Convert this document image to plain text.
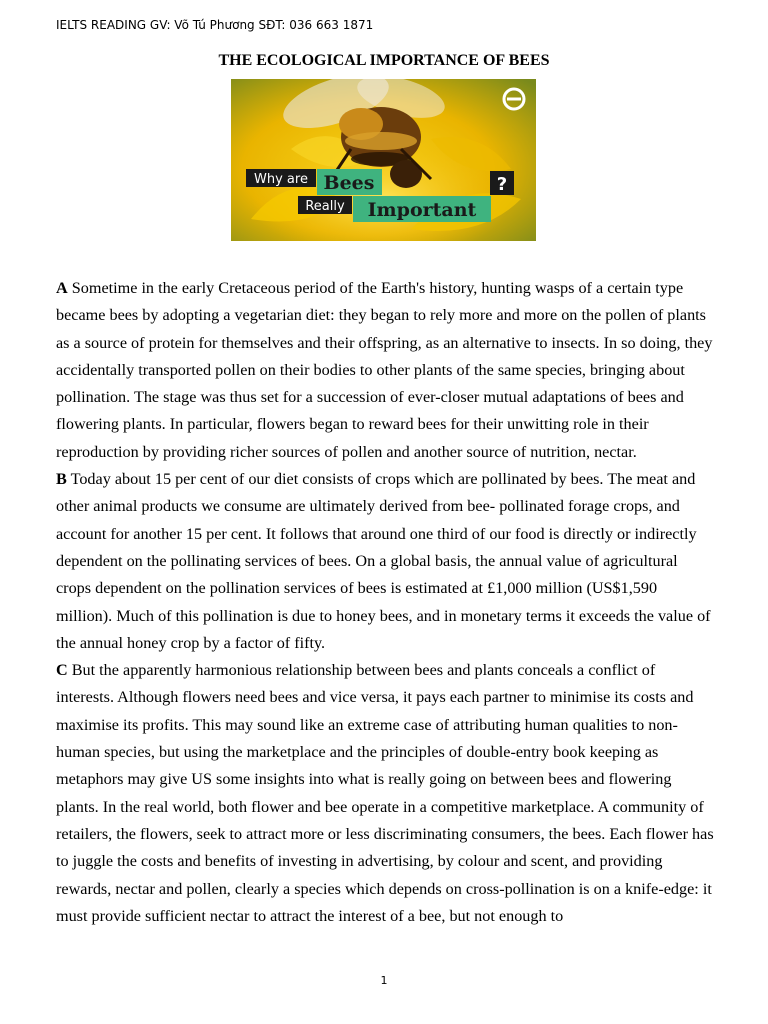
IELTS READING GV: Võ Tú Phương SĐT: 036 663 1871
THE ECOLOGICAL IMPORTANCE OF BEES
Why are Bees	?
Really Important

A Sometime in the early Cretaceous period of the Earth's history, hunting wasps of a certain type became bees by adopting a vegetarian diet: they began to rely more and more on the pollen of plants as a source of protein for themselves and their offspring, as an alternative to insects. In so doing, they accidentally transported pollen on their bodies to other plants of the same species, bringing about pollination. The stage was thus set for a succession of ever-closer mutual adaptations of bees and flowering plants. In particular, flowers began to reward bees for their unwitting role in their reproduction by providing richer sources of pollen and another source of nutrition, nectar.

B Today about 15 per cent of our diet consists of crops which are pollinated by bees. The meat and other animal products we consume are ultimately derived from bee- pollinated forage crops, and account for another 15 per cent. It follows that around one third of our food is directly or indirectly dependent on the pollinating services of bees. On a global basis, the annual value of agricultural crops dependent on the pollination services of bees is estimated at £1,000 million (US$1,590 million). Much of this pollination is due to honey bees, and in monetary terms it exceeds the value of the annual honey crop by a factor of fifty.

C But the apparently harmonious relationship between bees and plants conceals a conflict of interests. Although flowers need bees and vice versa, it pays each partner to minimise its costs and maximise its profits. This may sound like an extreme case of attributing human qualities to non-human species, but using the marketplace and the principles of double-entry book keeping as metaphors may give US some insights into what is really going on between bees and flowering plants. In the real world, both flower and bee operate in a competitive marketplace. A community of retailers, the flowers, seek to attract more or less discriminating consumers, the bees. Each flower has to juggle the costs and benefits of investing in advertising, by colour and scent, and providing rewards, nectar and pollen, clearly a species which depends on cross-pollination is on a knife-edge: it must provide sufficient nectar to attract the interest of a bee, but not enough to

1
